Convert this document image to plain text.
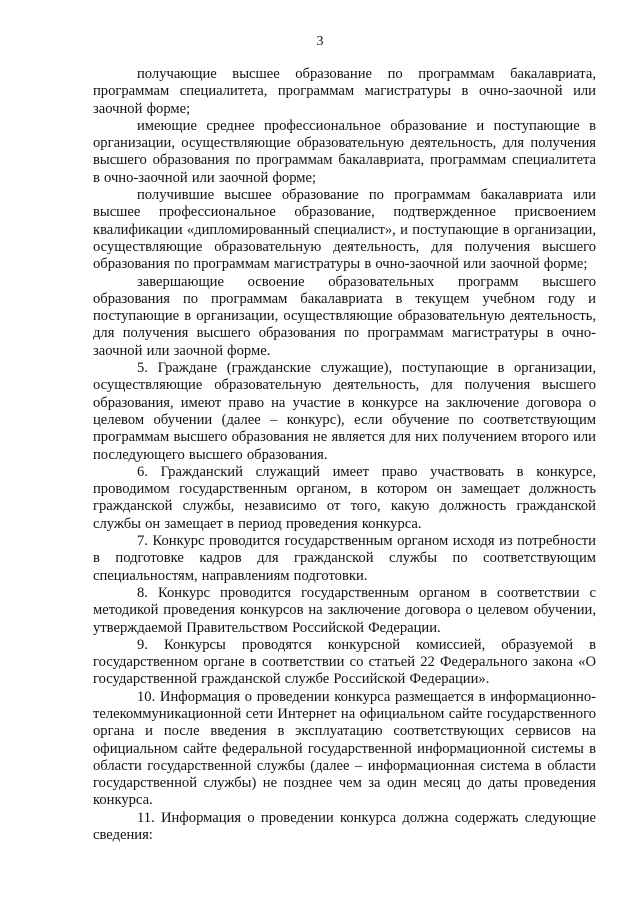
3

получающие высшее образование по программам бакалавриата, программам специалитета, программам магистратуры в очно-заочной или заочной форме;

имеющие среднее профессиональное образование и поступающие в организации, осуществляющие образовательную деятельность, для получения высшего образования по программам бакалавриата, программам специалитета в очно-заочной или заочной форме;

получившие высшее образование по программам бакалавриата или высшее профессиональное образование, подтвержденное присвоением квалификации «дипломированный специалист», и поступающие в организации, осуществляющие образовательную деятельность, для получения высшего образования по программам магистратуры в очно-заочной или заочной форме;

завершающие освоение образовательных программ высшего образования по программам бакалавриата в текущем учебном году и поступающие в организации, осуществляющие образовательную деятельность, для получения высшего образования по программам магистратуры в очно-заочной или заочной форме.

5. Граждане (гражданские служащие), поступающие в организации, осуществляющие образовательную деятельность, для получения высшего образования, имеют право на участие в конкурсе на заключение договора о целевом обучении (далее – конкурс), если обучение по соответствующим программам высшего образования не является для них получением второго или последующего высшего образования.

6. Гражданский служащий имеет право участвовать в конкурсе, проводимом государственным органом, в котором он замещает должность гражданской службы, независимо от того, какую должность гражданской службы он замещает в период проведения конкурса.

7. Конкурс проводится государственным органом исходя из потребности в подготовке кадров для гражданской службы по соответствующим специальностям, направлениям подготовки.

8. Конкурс проводится государственным органом в соответствии с методикой проведения конкурсов на заключение договора о целевом обучении, утверждаемой Правительством Российской Федерации.

9. Конкурсы проводятся конкурсной комиссией, образуемой в государственном органе в соответствии со статьей 22 Федерального закона «О государственной гражданской службе Российской Федерации».

10. Информация о проведении конкурса размещается в информационно-телекоммуникационной сети Интернет на официальном сайте государственного органа и после введения в эксплуатацию соответствующих сервисов на официальном сайте федеральной государственной информационной системы в области государственной службы (далее – информационная система в области государственной службы) не позднее чем за один месяц до даты проведения конкурса.

11. Информация о проведении конкурса должна содержать следующие сведения:
